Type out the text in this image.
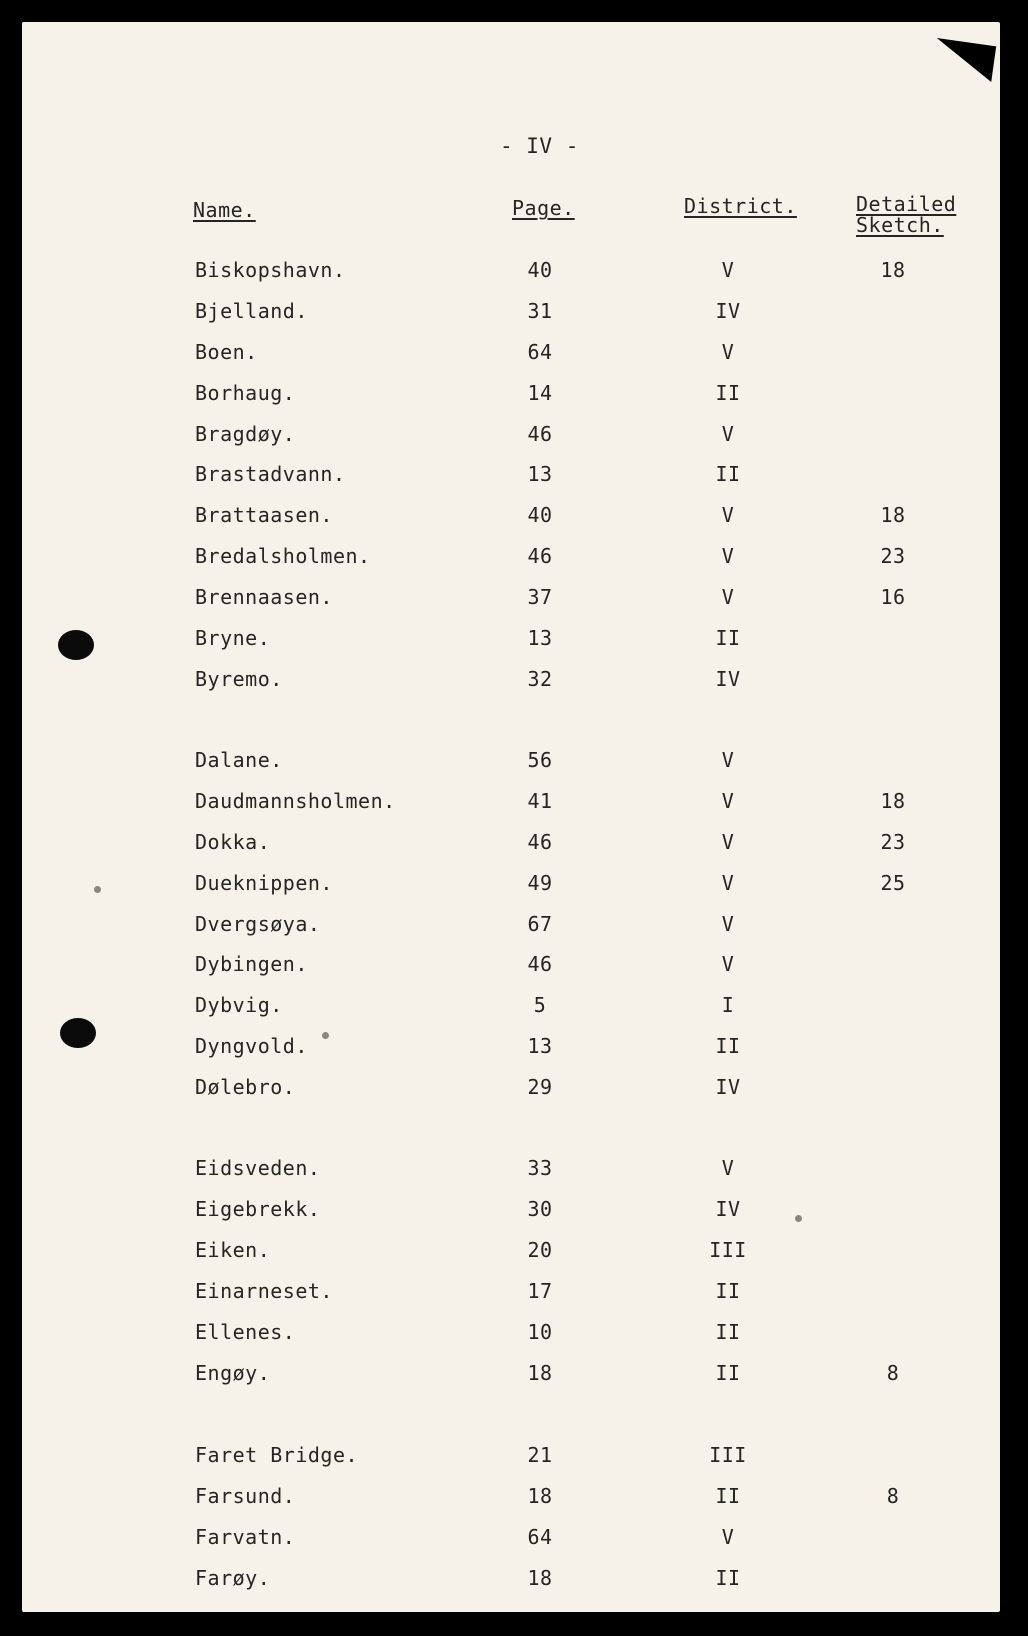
- IV -
Name.	Page.	District.	Detailed
Sketch.
Biskopshavn.	40	V	18
Bjelland.	31	IV
Boen.	64	V
Borhaug.	14	II
Bragdøy.	46	V
Brastadvann.	13	II
Brattaasen.	40	V	18
Bredalsholmen.	46	V	23
Brennaasen.	37	V	16
Bryne.	13	II
Byremo.	32	IV
Dalane.	56	V
Daudmannsholmen.	41	V	18
Dokka.	46	V	23
Dueknippen.	49	V	25
Dvergsøya.	67	V
Dybingen.	46	V
Dybvig.	5	I
Dyngvold.	13	II
Dølebro.	29	IV
Eidsveden.	33	V
Eigebrekk.	30	IV
Eiken.	20	III
Einarneset.	17	II
Ellenes.	10	II
Engøy.	18	II	8
Faret Bridge.	21	III
Farsund.	18	II	8
Farvatn.	64	V
Farøy.	18	II
